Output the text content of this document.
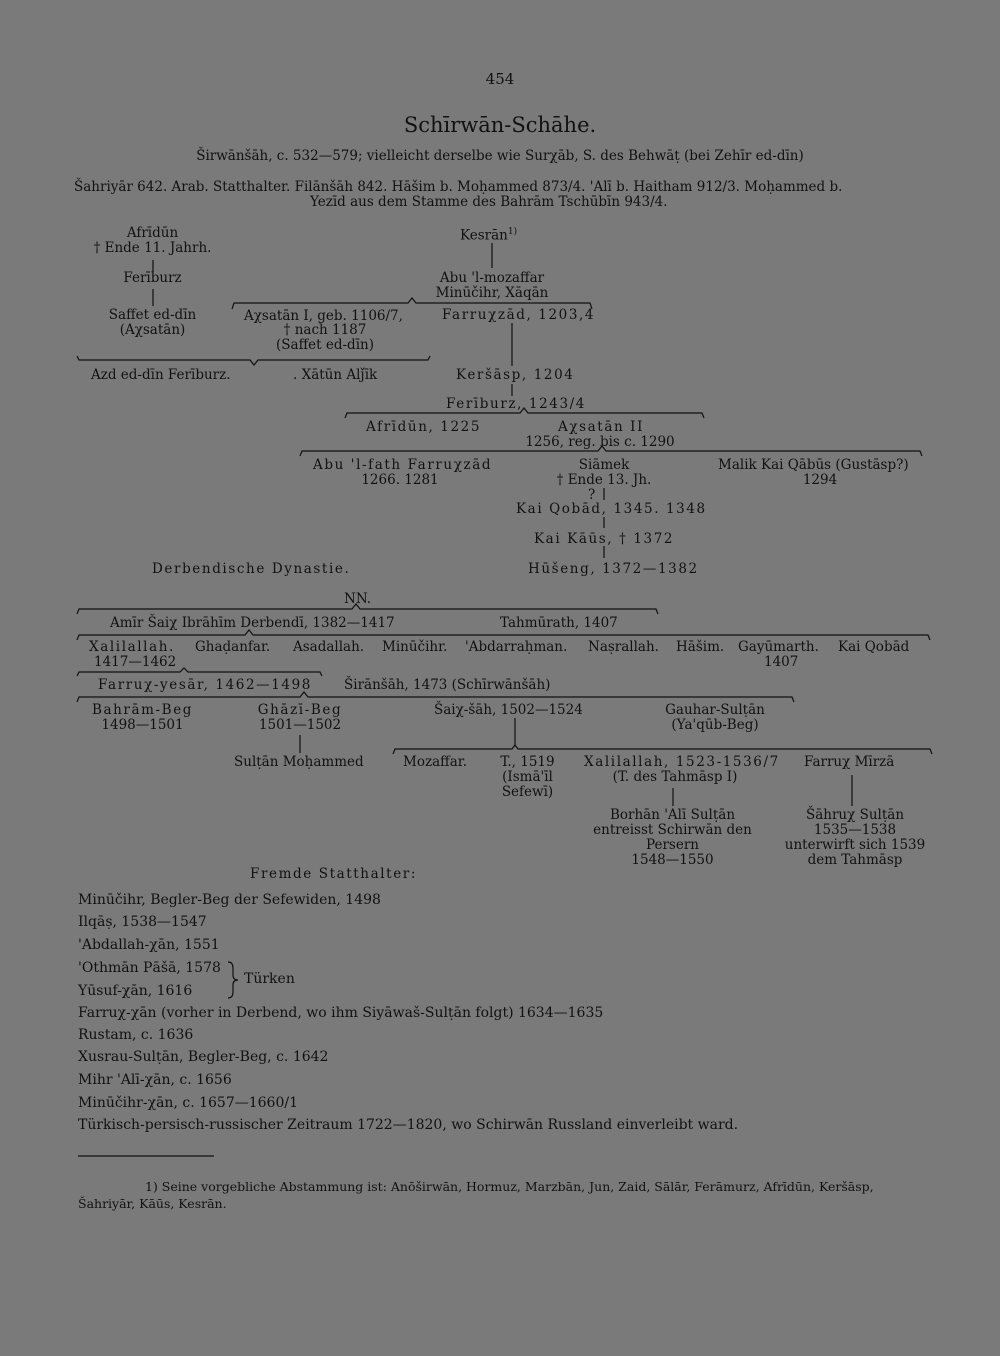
454
Schīrwān-Schāhe.
Širwānšāh, c. 532—579; vielleicht derselbe wie Surχāb, S. des Behwāṭ (bei Zehīr ed-dīn)
Šahriyār 642. Arab. Statthalter. Filānšāh 842. Hāšim b. Moḥammed 873/4. 'Alī b. Haitham 912/3. Moḥammed b.
Yezīd aus dem Stamme des Bahrām Tschūbīn 943/4.
Afrīdūn
† Ende 11. Jahrh.
Ferīburz
Saffet ed-dīn
(Aχsatān)
Kesrān$^{1)}$
Abu 'l-mozaffar
Minūčihr, Xāqān
Aχsatān I, geb. 1106/7,
† nach 1187
(Saffet ed-dīn)
Farruχzād, 1203,4
Azd ed-dīn Ferīburz.	. Xātūn Alǰīk	Keršāsp, 1204
Ferīburz, 1243/4
Afrīdūn, 1225	Aχsatān II
1256, reg. bis c. 1290
Abu 'l-fath Farruχzād
1266. 1281
Siāmek
† Ende 13. Jh.
Malik Kai Qābūs (Gustāsp?)
1294
?
Kai Qobād, 1345. 1348
Kai Kāūs, † 1372
Derbendische Dynastie.	Hūšeng, 1372—1382
NN.
Amīr Šaiχ Ibrāhīm Derbendī, 1382—1417	Tahmūrath, 1407
Xalilallah.
1417—1462
Ghaḍanfar. Asadallah. Minūčihr. 'Abdarraḥman. Naṣrallah. Hāšim. Gayūmarth.
1407
Kai Qobād
Farruχ-yesār, 1462—1498 Širānšāh, 1473 (Schīrwānšāh)
Bahrām-Beg
1498—1501
Ghāzī-Beg
1501—1502
Šaiχ-šāh, 1502—1524	Gauhar-Sulṭān
(Ya'qūb-Beg)
Sulṭān Moḥammed	Mozaffar.	T., 1519
(Ismā'īl
Sefewī)
Xalilallah, 1523-1536/7
(T. des Tahmāsp I)
Farruχ Mīrzā
Borhān 'Alī Sulṭān
entreisst Schirwān den
Persern
1548—1550
Šāhruχ Sulṭān
1535—1538
unterwirft sich 1539
dem Tahmāsp
Fremde Statthalter:
Minūčihr, Begler-Beg der Sefewiden, 1498
Ilqāṣ, 1538—1547
'Abdallah-χān, 1551
'Othmān Pāšā, 1578
Yūsuf-χān, 1616
Türken
Farruχ-χān (vorher in Derbend, wo ihm Siyāwaš-Sulṭān folgt) 1634—1635
Rustam, c. 1636
Xusrau-Sulṭān, Begler-Beg, c. 1642
Mihr 'Alī-χān, c. 1656
Minūčihr-χān, c. 1657—1660/1
Türkisch-persisch-russischer Zeitraum 1722—1820, wo Schirwān Russland einverleibt ward.
1) Seine vorgebliche Abstammung ist: Anōširwān, Hormuz, Marzbān, Jun, Zaid, Sālār, Ferāmurz, Afrīdūn, Keršāsp,
Šahriyār, Kāūs, Kesrān.
